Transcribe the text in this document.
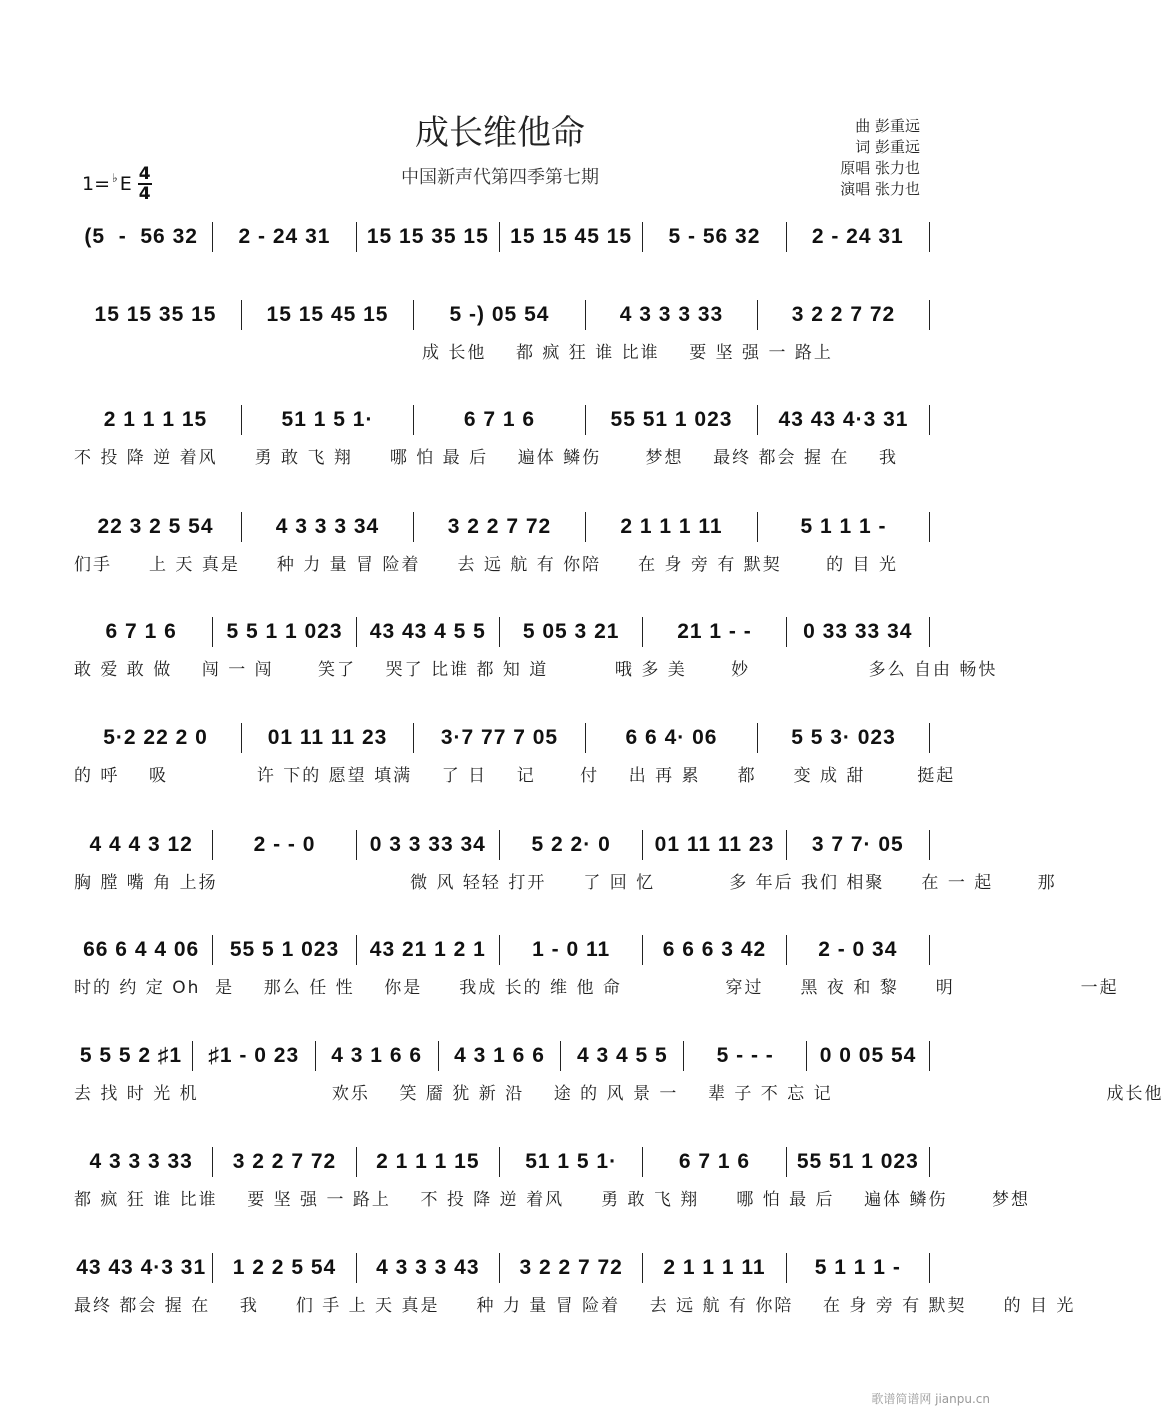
成长维他命
中国新声代第四季第七期
1= ♭ E $\frac{4}{4}$
曲 彭重远
词 彭重远
原唱 张力也
演唱 张力也
(5  -  56 32	2 - 24 31	15 15 35 15	15 15 45 15	5 - 56 32	2 - 24 31
15 15 35 15	15 15 45 15	5 -) 05 54	4 3 3 3 33	3 2 2 7 72
成 长他    都 疯 狂 谁 比谁    要 坚 强 一 路上
2 1 1 1 15	51 1 5 1·	6 7 1 6	55 51 1 023	43 43 4·3 31
不 投 降 逆 着风     勇 敢 飞 翔     哪 怕 最 后    遍体 鳞伤      梦想    最终 都会 握 在    我
22 3 2 5 54	4 3 3 3 34	3 2 2 7 72	2 1 1 1 11	5 1 1 1 -
们手     上 天 真是     种 力 量 冒 险着     去 远 航 有 你陪     在 身 旁 有 默契      的 目 光
6 7 1 6	5 5 1 1 023	43 43 4 5 5	5 05 3 21	21 1 - -	0 33 33 34
敢 爱 敢 做    闯 一 闯      笑了    哭了 比谁 都 知 道         哦 多 美      妙                多么 自由 畅快
5·2 22 2 0	01 11 11 23	3·7 77 7 05	6 6 4· 06	5 5 3· 023
的 呼    吸            许 下的 愿望 填满    了 日    记      付    出 再 累     都     变 成 甜       挺起
4 4 4 3 12	2 - - 0	0 3 3 33 34	5 2 2· 0	01 11 11 23	3 7 7· 05
胸 膛 嘴 角 上扬                          微 风 轻轻 打开     了 回 忆          多 年后 我们 相聚     在 一 起      那
66 6 4 4 06	55 5 1 023	43 21 1 2 1	1 - 0 11	6 6 6 3 42	2 - 0 34
时的 约 定 Oh  是    那么 任 性    你是     我成 长的 维 他 命              穿过     黑 夜 和 黎     明                 一起
5 5 5 2 ♯1	♯1 - 0 23	4 3 1 6 6	4 3 1 6 6	4 3 4 5 5	5 - - -	0 0 05 54
去 找 时 光 机                  欢乐    笑 靥 犹 新 沿    途 的 风 景 一    辈 子 不 忘 记                                     成长他
4 3 3 3 33	3 2 2 7 72	2 1 1 1 15	51 1 5 1·	6 7 1 6	55 51 1 023
都 疯 狂 谁 比谁    要 坚 强 一 路上    不 投 降 逆 着风     勇 敢 飞 翔     哪 怕 最 后    遍体 鳞伤      梦想
43 43 4·3 31	1 2 2 5 54	4 3 3 3 43	3 2 2 7 72	2 1 1 1 11	5 1 1 1 -
最终 都会 握 在    我     们 手 上 天 真是     种 力 量 冒 险着    去 远 航 有 你陪    在 身 旁 有 默契     的 目 光
歌谱简谱网 jianpu.cn
